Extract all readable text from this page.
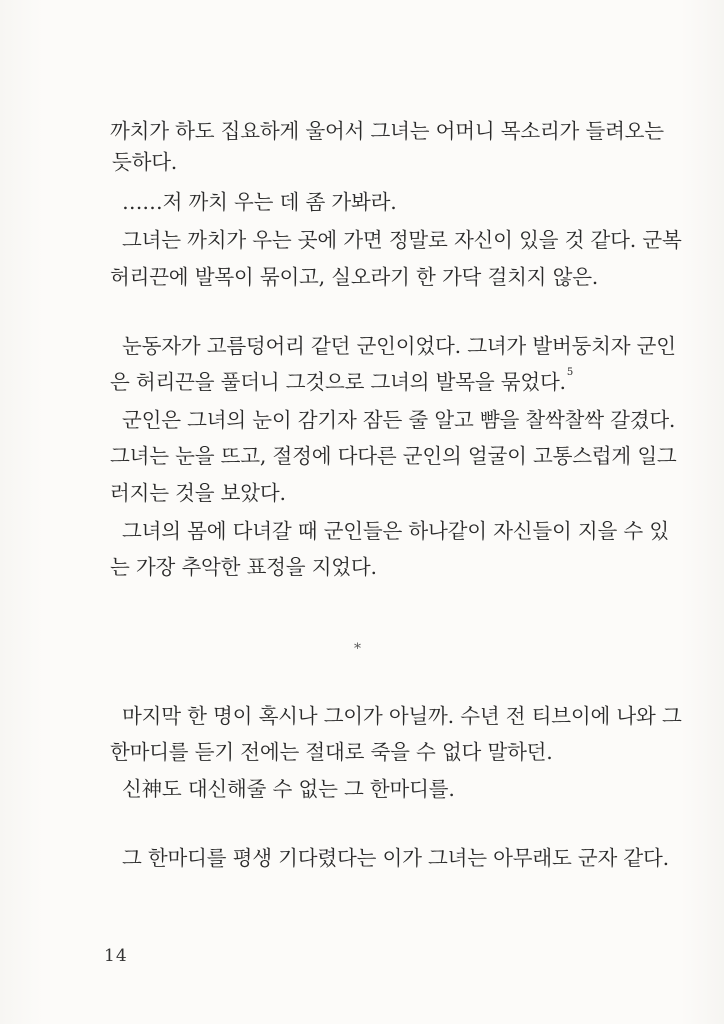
까치가 하도 집요하게 울어서 그녀는 어머니 목소리가 들려오는
듯하다.
……저 까치 우는 데 좀 가봐라.
그녀는 까치가 우는 곳에 가면 정말로 자신이 있을 것 같다. 군복
허리끈에 발목이 묶이고, 실오라기 한 가닥 걸치지 않은.
눈동자가 고름덩어리 같던 군인이었다. 그녀가 발버둥치자 군인
은 허리끈을 풀더니 그것으로 그녀의 발목을 묶었다.$^5$
군인은 그녀의 눈이 감기자 잠든 줄 알고 뺨을 찰싹찰싹 갈겼다.
그녀는 눈을 뜨고, 절정에 다다른 군인의 얼굴이 고통스럽게 일그
러지는 것을 보았다.
그녀의 몸에 다녀갈 때 군인들은 하나같이 자신들이 지을 수 있
는 가장 추악한 표정을 지었다.
마지막 한 명이 혹시나 그이가 아닐까. 수년 전 티브이에 나와 그
한마디를 듣기 전에는 절대로 죽을 수 없다 말하던.
신神도 대신해줄 수 없는 그 한마디를.
그 한마디를 평생 기다렸다는 이가 그녀는 아무래도 군자 같다.
*
14
